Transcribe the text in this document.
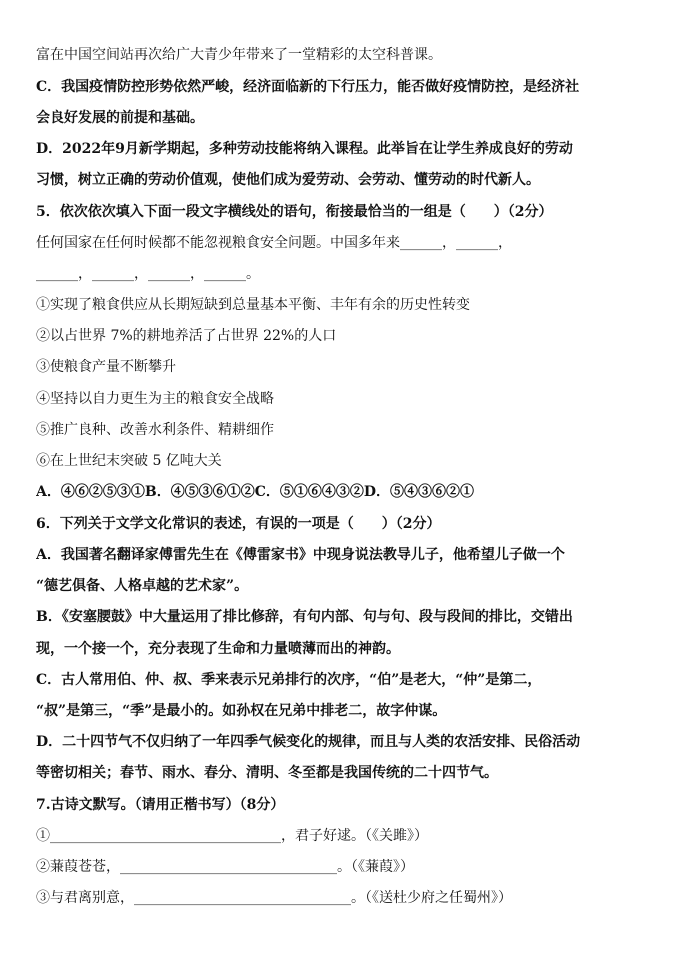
富在中国空间站再次给广大青少年带来了一堂精彩的太空科普课。
C．我国疫情防控形势依然严峻，经济面临新的下行压力，能否做好疫情防控，是经济社
会良好发展的前提和基础。
D．2022年9月新学期起，多种劳动技能将纳入课程。此举旨在让学生养成良好的劳动
习惯，树立正确的劳动价值观，使他们成为爱劳动、会劳动、懂劳动的时代新人。
5．依次依次填入下面一段文字横线处的语句，衔接最恰当的一组是（　　）（2分）
任何国家在任何时候都不能忽视粮食安全问题。中国多年来______，______，
______，______，______，______。
①实现了粮食供应从长期短缺到总量基本平衡、丰年有余的历史性转变
②以占世界 7%的耕地养活了占世界 22%的人口
③使粮食产量不断攀升
④坚持以自力更生为主的粮食安全战略
⑤推广良种、改善水利条件、精耕细作
⑥在上世纪末突破 5 亿吨大关
A．④⑥②⑤③①B．④⑤③⑥①②C．⑤①⑥④③②D．⑤④③⑥②①
6．下列关于文学文化常识的表述，有误的一项是（　　）（2分）
A．我国著名翻译家傅雷先生在《傅雷家书》中现身说法教导儿子，他希望儿子做一个
“德艺俱备、人格卓越的艺术家”。
B．《安塞腰鼓》中大量运用了排比修辞，有句内部、句与句、段与段间的排比，交错出
现，一个接一个，充分表现了生命和力量喷薄而出的神韵。
C．古人常用伯、仲、叔、季来表示兄弟排行的次序，“伯”是老大，“仲”是第二，
“叔”是第三，“季”是最小的。如孙权在兄弟中排老二，故字仲谋。
D．二十四节气不仅归纳了一年四季气候变化的规律，而且与人类的农活安排、民俗活动
等密切相关；春节、雨水、春分、清明、冬至都是我国传统的二十四节气。
7.古诗文默写。（请用正楷书写）（8分）
①_________________________________，君子好逑。（《关雎》）
②蒹葭苍苍，_______________________________。（《蒹葭》）
③与君离别意，_______________________________。（《送杜少府之任蜀州》）
